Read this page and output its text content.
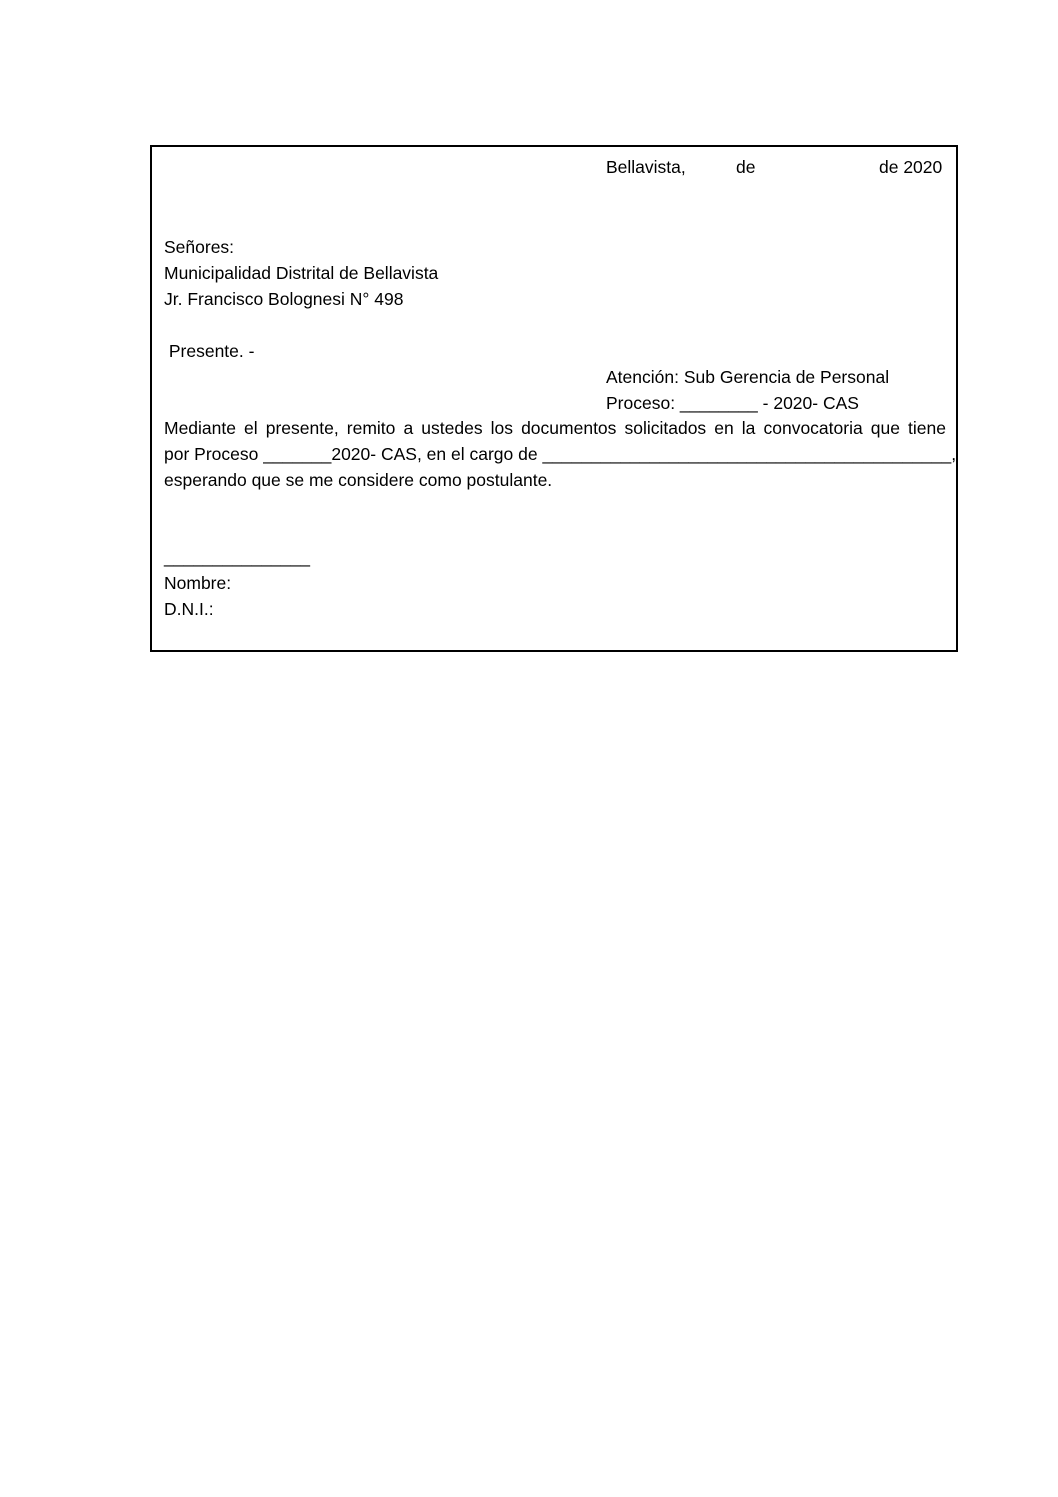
Bellavista,	de	de 2020
Señores:
Municipalidad Distrital de Bellavista
Jr. Francisco Bolognesi N° 498
Presente. -
Atención: Sub Gerencia de Personal
Proceso: ________ - 2020- CAS
Mediante el presente, remito a ustedes los documentos solicitados en la convocatoria que tiene
por Proceso _______2020- CAS, en el cargo de __________________________________________,
esperando que se me considere como postulante.
_______________
Nombre:
D.N.I.:
